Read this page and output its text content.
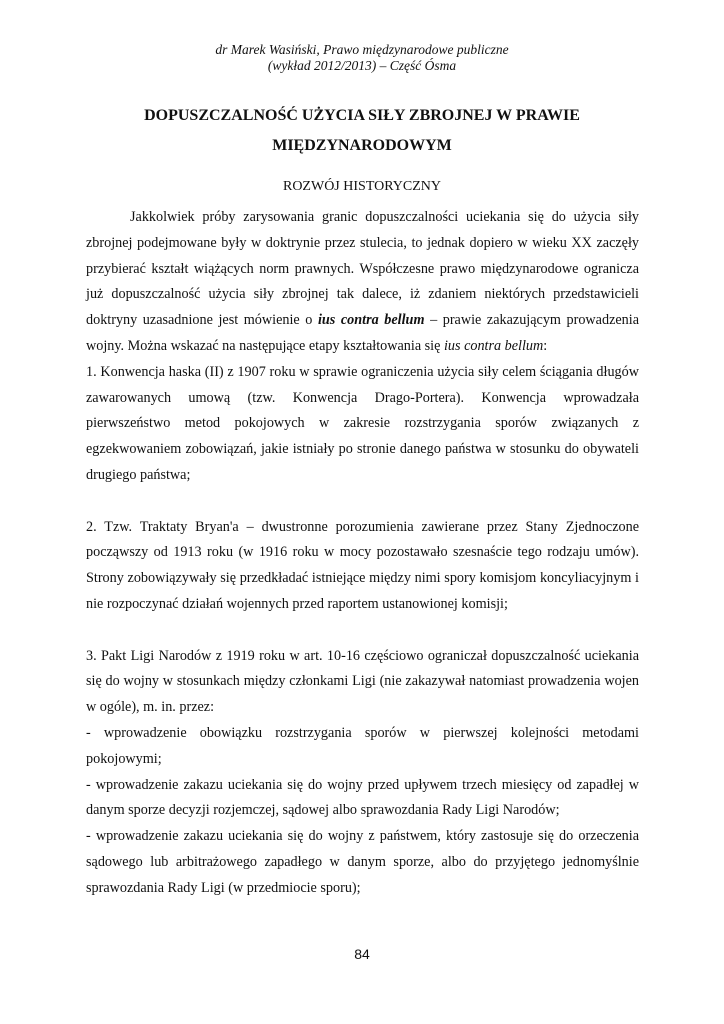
dr Marek Wasiński, Prawo międzynarodowe publiczne
(wykład 2012/2013) – Część Ósma
DOPUSZCZALNOŚĆ UŻYCIA SIŁY ZBROJNEJ W PRAWIE MIĘDZYNARODOWYM
ROZWÓJ HISTORYCZNY

Jakkolwiek próby zarysowania granic dopuszczalności uciekania się do użycia siły zbrojnej podejmowane były w doktrynie przez stulecia, to jednak dopiero w wieku XX zaczęły przybierać kształt wiążących norm prawnych. Współczesne prawo międzynarodowe ogranicza już dopuszczalność użycia siły zbrojnej tak dalece, iż zdaniem niektórych przedstawicieli doktryny uzasadnione jest mówienie o ius contra bellum – prawie zakazującym prowadzenia wojny. Można wskazać na następujące etapy kształtowania się ius contra bellum:

1. Konwencja haska (II) z 1907 roku w sprawie ograniczenia użycia siły celem ściągania długów zawarowanych umową (tzw. Konwencja Drago-Portera). Konwencja wprowadzała pierwszeństwo metod pokojowych w zakresie rozstrzygania sporów związanych z egzekwowaniem zobowiązań, jakie istniały po stronie danego państwa w stosunku do obywateli drugiego państwa;

2. Tzw. Traktaty Bryan'a – dwustronne porozumienia zawierane przez Stany Zjednoczone począwszy od 1913 roku (w 1916 roku w mocy pozostawało szesnaście tego rodzaju umów). Strony zobowiązywały się przedkładać istniejące między nimi spory komisjom koncyliacyjnym i nie rozpoczynać działań wojennych przed raportem ustanowionej komisji;

3. Pakt Ligi Narodów z 1919 roku w art. 10-16 częściowo ograniczał dopuszczalność uciekania się do wojny w stosunkach między członkami Ligi (nie zakazywał natomiast prowadzenia wojen w ogóle), m. in. przez:

- wprowadzenie obowiązku rozstrzygania sporów w pierwszej kolejności metodami pokojowymi;

- wprowadzenie zakazu uciekania się do wojny przed upływem trzech miesięcy od zapadłej w danym sporze decyzji rozjemczej, sądowej albo sprawozdania Rady Ligi Narodów;

- wprowadzenie zakazu uciekania się do wojny z państwem, który zastosuje się do orzeczenia sądowego lub arbitrażowego zapadłego w danym sporze, albo do przyjętego jednomyślnie sprawozdania Rady Ligi (w przedmiocie sporu);

84
